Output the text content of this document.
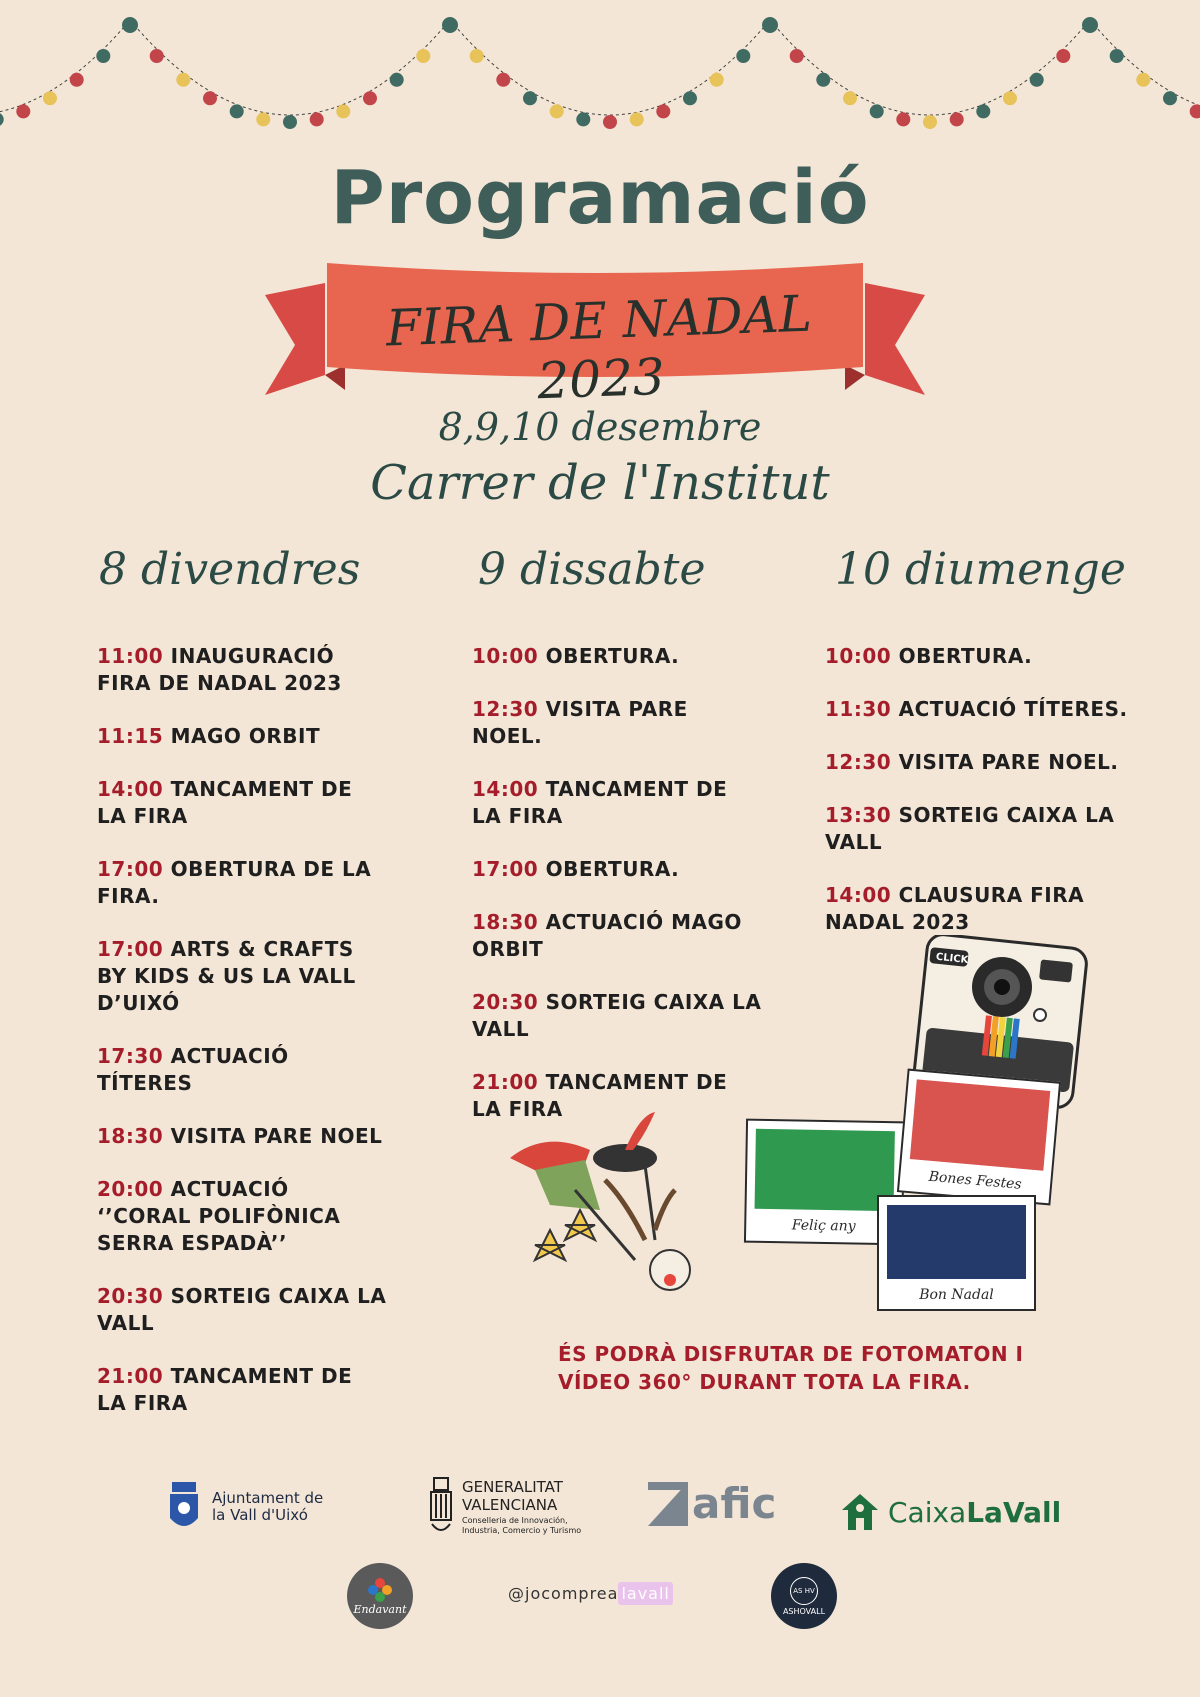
Programació
FIRA DE NADAL 2023
8,9,10 desembre
Carrer de l'Institut
8 divendres
11:00 INAUGURACIÓ FIRA DE NADAL 2023
11:15 MAGO ORBIT
14:00 TANCAMENT DE LA FIRA
17:00 OBERTURA DE LA FIRA.
17:00 ARTS & CRAFTS BY KIDS & US LA VALL D’UIXÓ
17:30 ACTUACIÓ TÍTERES
18:30 VISITA PARE NOEL
20:00 ACTUACIÓ ‘’CORAL POLIFÒNICA SERRA ESPADÀ’’
20:30 SORTEIG CAIXA LA VALL
21:00 TANCAMENT DE LA FIRA
9 dissabte
10:00 OBERTURA.
12:30 VISITA PARE NOEL.
14:00 TANCAMENT DE LA FIRA
17:00 OBERTURA.
18:30 ACTUACIÓ MAGO ORBIT
20:30 SORTEIG CAIXA LA VALL
21:00 TANCAMENT DE LA FIRA
10 diumenge
10:00 OBERTURA.
11:30 ACTUACIÓ TÍTERES.
12:30 VISITA PARE NOEL.
13:30 SORTEIG CAIXA LA VALL
14:00 CLAUSURA FIRA NADAL 2023
CLICK
Feliç any
Bones Festes
Bon Nadal
ÉS PODRÀ DISFRUTAR DE FOTOMATON I VÍDEO 360° DURANT TOTA LA FIRA.
Ajuntament de
la Vall d'Uixó
GENERALITAT
VALENCIANA
Conselleria de Innovación,
Industria, Comercio y Turismo
afic	CaixaLaVall
Endavant
@jocomprea lavall	AS HV
ASHOVALL
